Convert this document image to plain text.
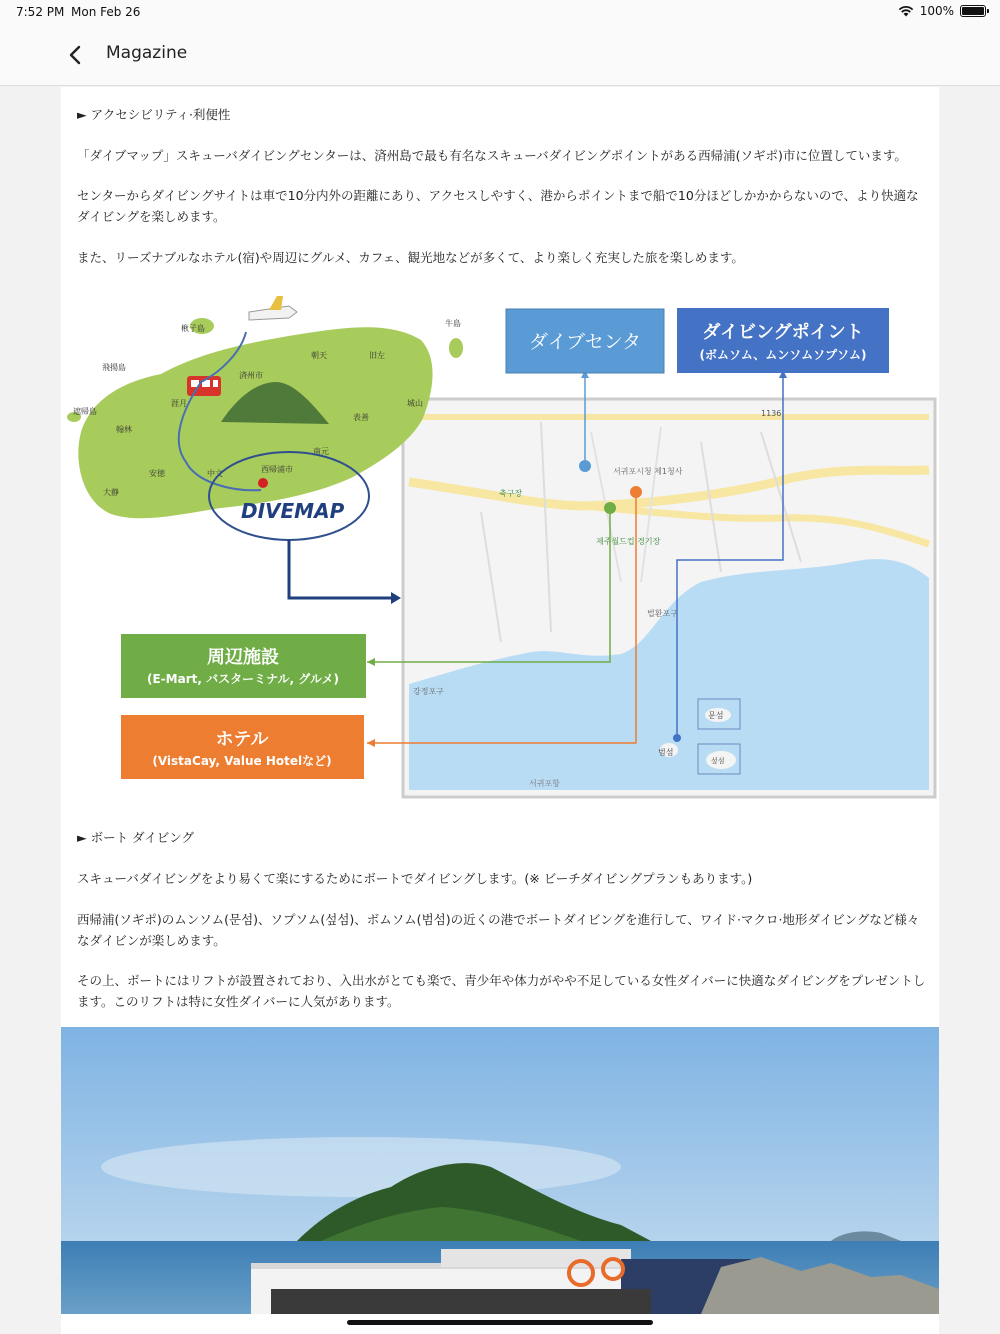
7:52 PM Mon Feb 26	100%
Magazine
► アクセシビリティ·利便性
「ダイブマップ」スキューバダイビングセンターは、済州島で最も有名なスキューバダイビングポイントがある西帰浦(ソギポ)市に位置しています。
センターからダイビングサイトは車で10分内外の距離にあり、アクセスしやすく、港からポイントまで船で10分ほどしかかからないので、より快適なダイビングを楽しめます。
また、リーズナブルなホテル(宿)や周辺にグルメ、カフェ、観光地などが多くて、より楽しく充実した旅を楽しめます。
1136
서귀포시청 제1청사
축구장
제주월드컵 경기장
법환포구
강정포구
문섬
섶섬
범섬
서귀포항
楸子島
牛島
飛揚島
済州市
朝天	旧左
遮帰島
涯月	城山
翰林
表善
大静
安徳	中文	西帰浦市
南元
DIVEMAP
ダイブセンタ	ダイビングポイント
(ボムソム、ムンソムソプソム)
周辺施設
(E-Mart, バスターミナル, グルメ)
ホテル
(VistaCay, Value Hotelなど)
► ボート ダイビング
スキューバダイビングをより易くて楽にするためにボートでダイビングします。(※ ビーチダイビングプランもあります。)
西帰浦(ソギポ)のムンソム(문섬)、ソプソム(섶섬)、ボムソム(범섬)の近くの港でボートダイビングを進行して、ワイド·マクロ·地形ダイビングなど様々なダイビンが楽しめます。
その上、ボートにはリフトが設置されており、入出水がとても楽で、青少年や体力がやや不足している女性ダイバーに快適なダイビングをプレゼントします。このリフトは特に女性ダイバーに人気があります。
